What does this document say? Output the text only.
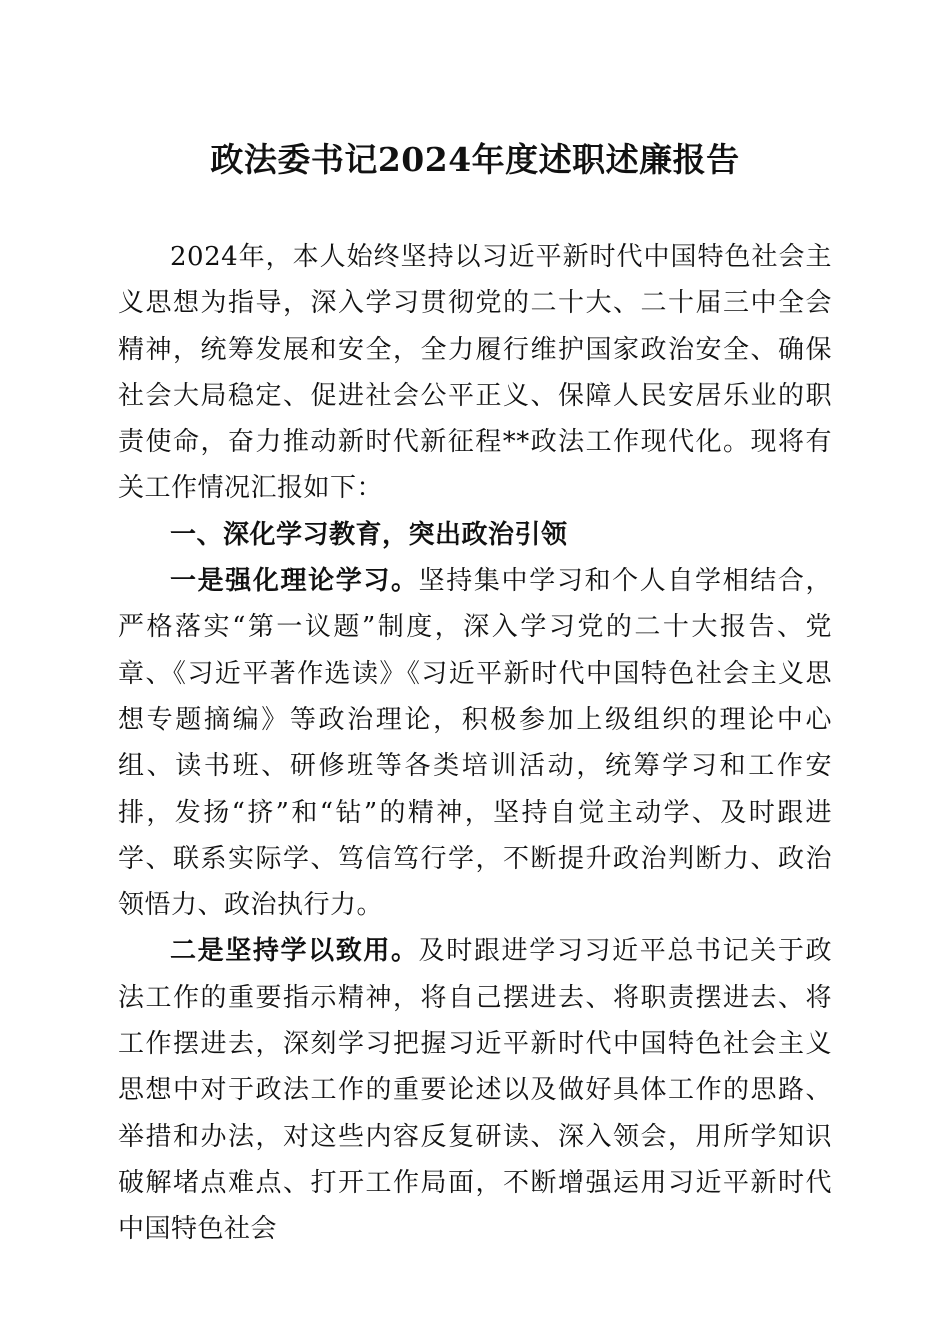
政法委书记2024年度述职述廉报告

2024年，本人始终坚持以习近平新时代中国特色社会主义思想为指导，深入学习贯彻党的二十大、二十届三中全会精神，统筹发展和安全，全力履行维护国家政治安全、确保社会大局稳定、促进社会公平正义、保障人民安居乐业的职责使命，奋力推动新时代新征程**政法工作现代化。现将有关工作情况汇报如下：

一、深化学习教育，突出政治引领

一是强化理论学习。坚持集中学习和个人自学相结合，严格落实“第一议题”制度，深入学习党的二十大报告、党章、《习近平著作选读》《习近平新时代中国特色社会主义思想专题摘编》等政治理论，积极参加上级组织的理论中心组、读书班、研修班等各类培训活动，统筹学习和工作安排，发扬“挤”和“钻”的精神，坚持自觉主动学、及时跟进学、联系实际学、笃信笃行学，不断提升政治判断力、政治领悟力、政治执行力。

二是坚持学以致用。及时跟进学习习近平总书记关于政法工作的重要指示精神，将自己摆进去、将职责摆进去、将工作摆进去，深刻学习把握习近平新时代中国特色社会主义思想中对于政法工作的重要论述以及做好具体工作的思路、举措和办法，对这些内容反复研读、深入领会，用所学知识破解堵点难点、打开工作局面，不断增强运用习近平新时代中国特色社会
